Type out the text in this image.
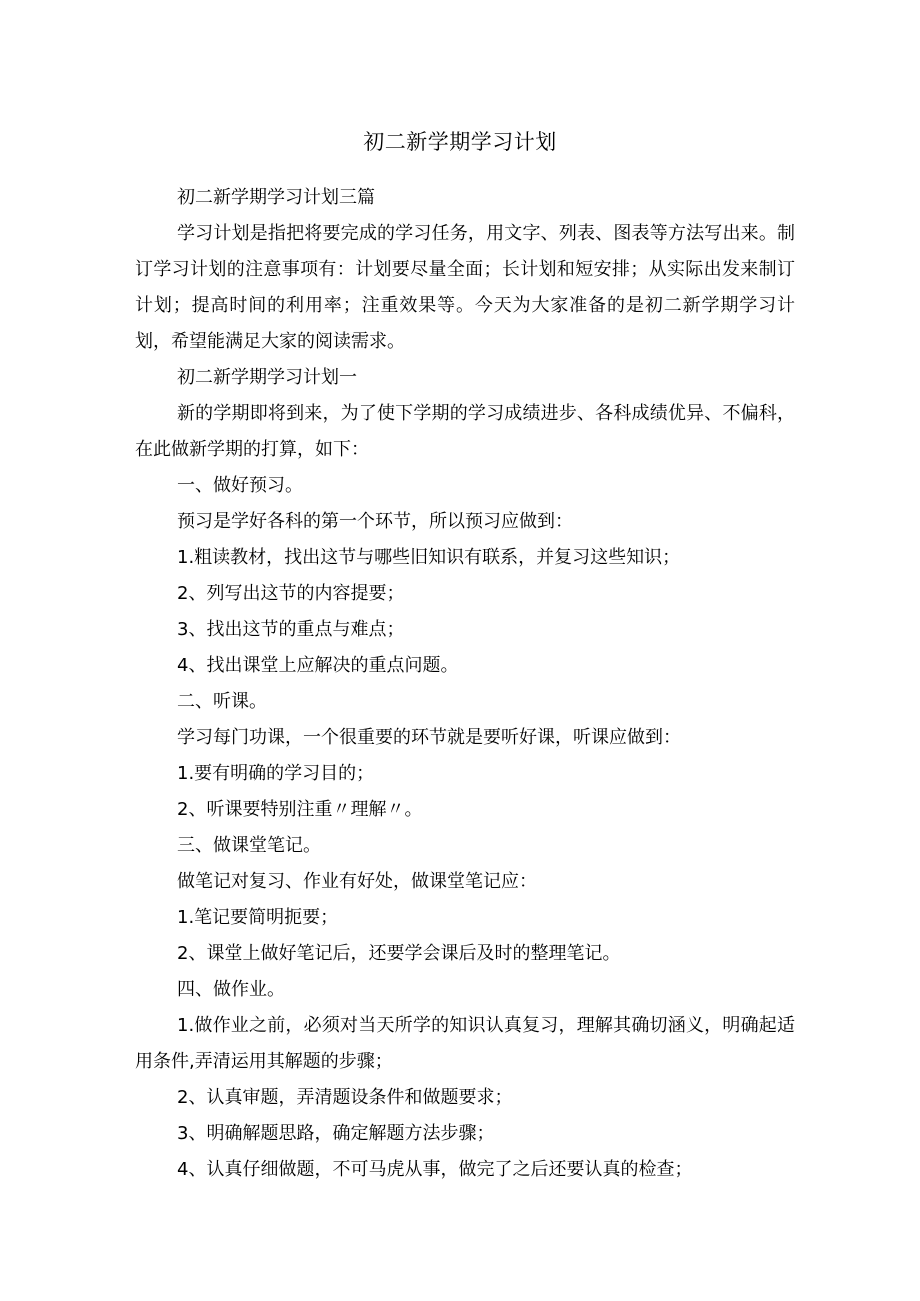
初二新学期学习计划

初二新学期学习计划三篇

学习计划是指把将要完成的学习任务，用文字、列表、图表等方法写出来。制订学习计划的注意事项有：计划要尽量全面；长计划和短安排；从实际出发来制订计划；提高时间的利用率；注重效果等。今天为大家准备的是初二新学期学习计划，希望能满足大家的阅读需求。

初二新学期学习计划一

新的学期即将到来，为了使下学期的学习成绩进步、各科成绩优异、不偏科，在此做新学期的打算，如下：

一、做好预习。

预习是学好各科的第一个环节，所以预习应做到：

1.粗读教材，找出这节与哪些旧知识有联系，并复习这些知识；

2、列写出这节的内容提要；

3、找出这节的重点与难点；

4、找出课堂上应解决的重点问题。

二、听课。

学习每门功课，一个很重要的环节就是要听好课，听课应做到：

1.要有明确的学习目的；

2、听课要特别注重〃理解〃。

三、做课堂笔记。

做笔记对复习、作业有好处，做课堂笔记应：

1.笔记要简明扼要；

2、课堂上做好笔记后，还要学会课后及时的整理笔记。

四、做作业。

1.做作业之前，必须对当天所学的知识认真复习，理解其确切涵义，明确起适用条件,弄清运用其解题的步骤；

2、认真审题，弄清题设条件和做题要求；

3、明确解题思路，确定解题方法步骤；

4、认真仔细做题，不可马虎从事，做完了之后还要认真的检查；
